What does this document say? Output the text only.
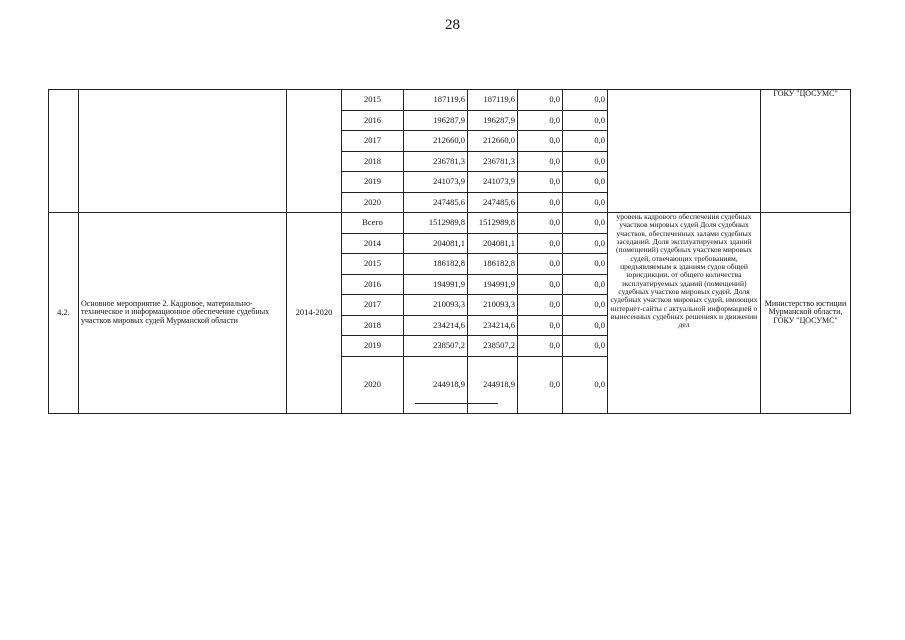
28
			2015	187119,6	187119,6	0,0	0,0		ГОКУ "ЦОСУМС"
			2016	196287,9	196287,9	0,0	0,0		
			2017	212660,0	212660,0	0,0	0,0		
			2018	236781,3	236781,3	0,0	0,0		
			2019	241073,9	241073,9	0,0	0,0		
			2020	247485,6	247485,6	0,0	0,0		
4.2.	Основное мероприятие 2. Кадровое, материально-техническое и информационное обеспечение судебных участков мировых судей Мурманской области	2014-2020	Всего	1512989,8	1512989,8	0,0	0,0	уровень кадрового обеспечения судебных участков мировых судей Доля судебных участков, обеспеченных залами судебных заседаний. Доля эксплуатируемых зданий (помещений) судебных участков мировых судей, отвечающих требованиям, предъявляемым к зданиям судов общей юрисдикции, от общего количества эксплуатируемых зданий (помещений) судебных участков мировых судей. Доля судебных участков мировых судей, имеющих интернет-сайты с актуальной информацией о вынесенных судебных решениях и движении дел	Министерство юстиции Мурманской области, ГОКУ "ЦОСУМС"
			2014	204081,1	204081,1	0,0	0,0		
			2015	186182,8	186182,8	0,0	0,0		
			2016	194991,9	194991,9	0,0	0,0		
			2017	210093,3	210093,3	0,0	0,0		
			2018	234214,6	234214,6	0,0	0,0		
			2019	238507,2	238507,2	0,0	0,0		
			2020	244918,9	244918,9	0,0	0,0		
